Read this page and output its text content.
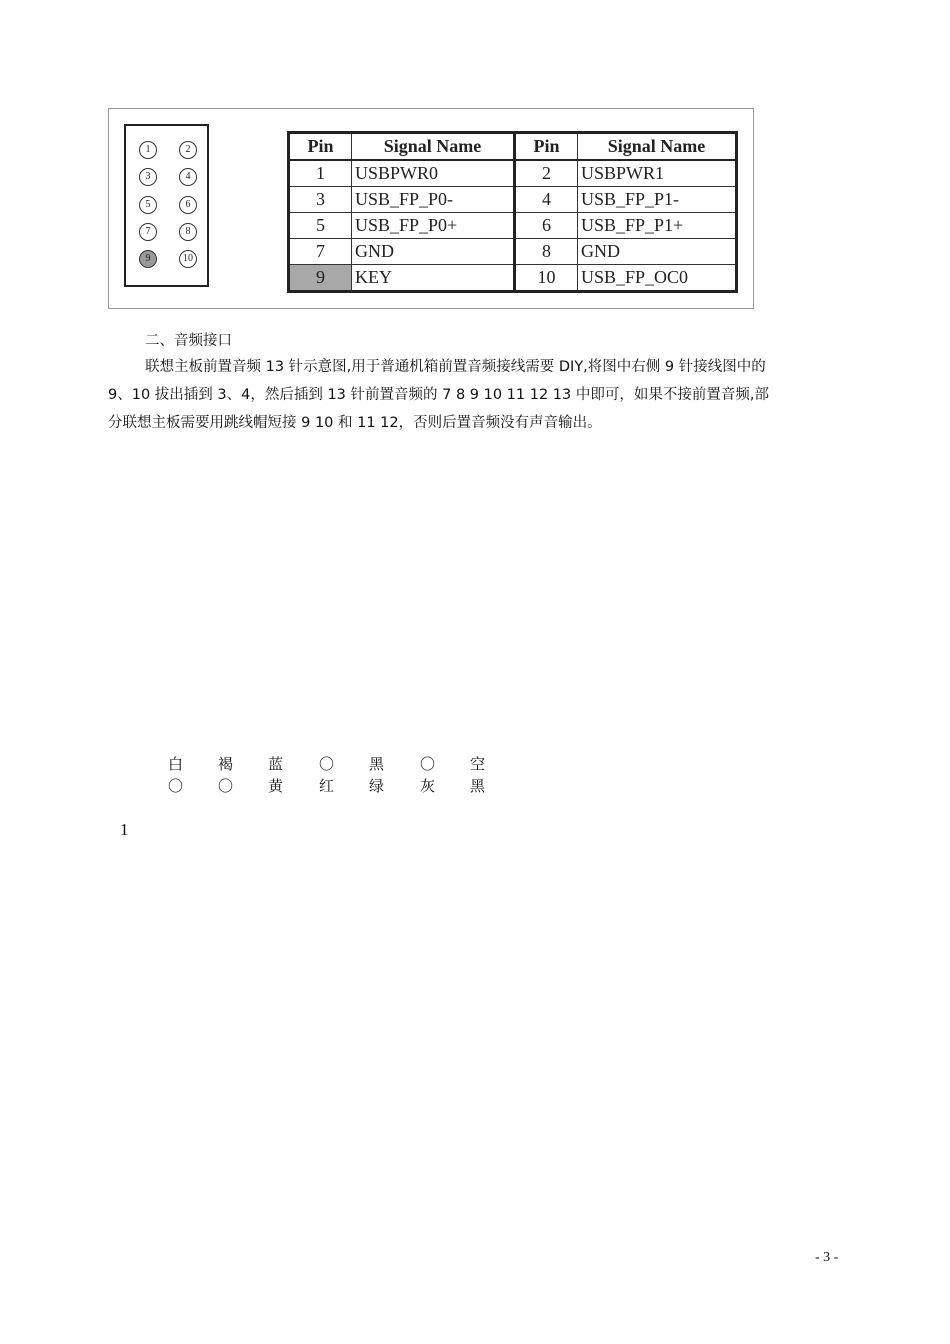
1	2
3	4
5	6
7	8
9	10
Pin	Signal Name	Pin	Signal Name
1	USBPWR0	2	USBPWR1
3	USB_FP_P0-	4	USB_FP_P1-
5	USB_FP_P0+	6	USB_FP_P1+
7	GND	8	GND
9	KEY	10	USB_FP_OC0
二、音频接口
联想主板前置音频 13 针示意图,用于普通机箱前置音频接线需要 DIY,将图中右侧 9 针接线图中的
9、10 拔出插到 3、4，然后插到 13 针前置音频的 7 8 9 10 11 12 13 中即可，如果不接前置音频,部
分联想主板需要用跳线帽短接 9 10 和 11 12，否则后置音频没有声音输出。
白	褐	蓝	〇	黑	〇	空
〇	〇	黄	红	绿	灰	黑
1
- 3 -
